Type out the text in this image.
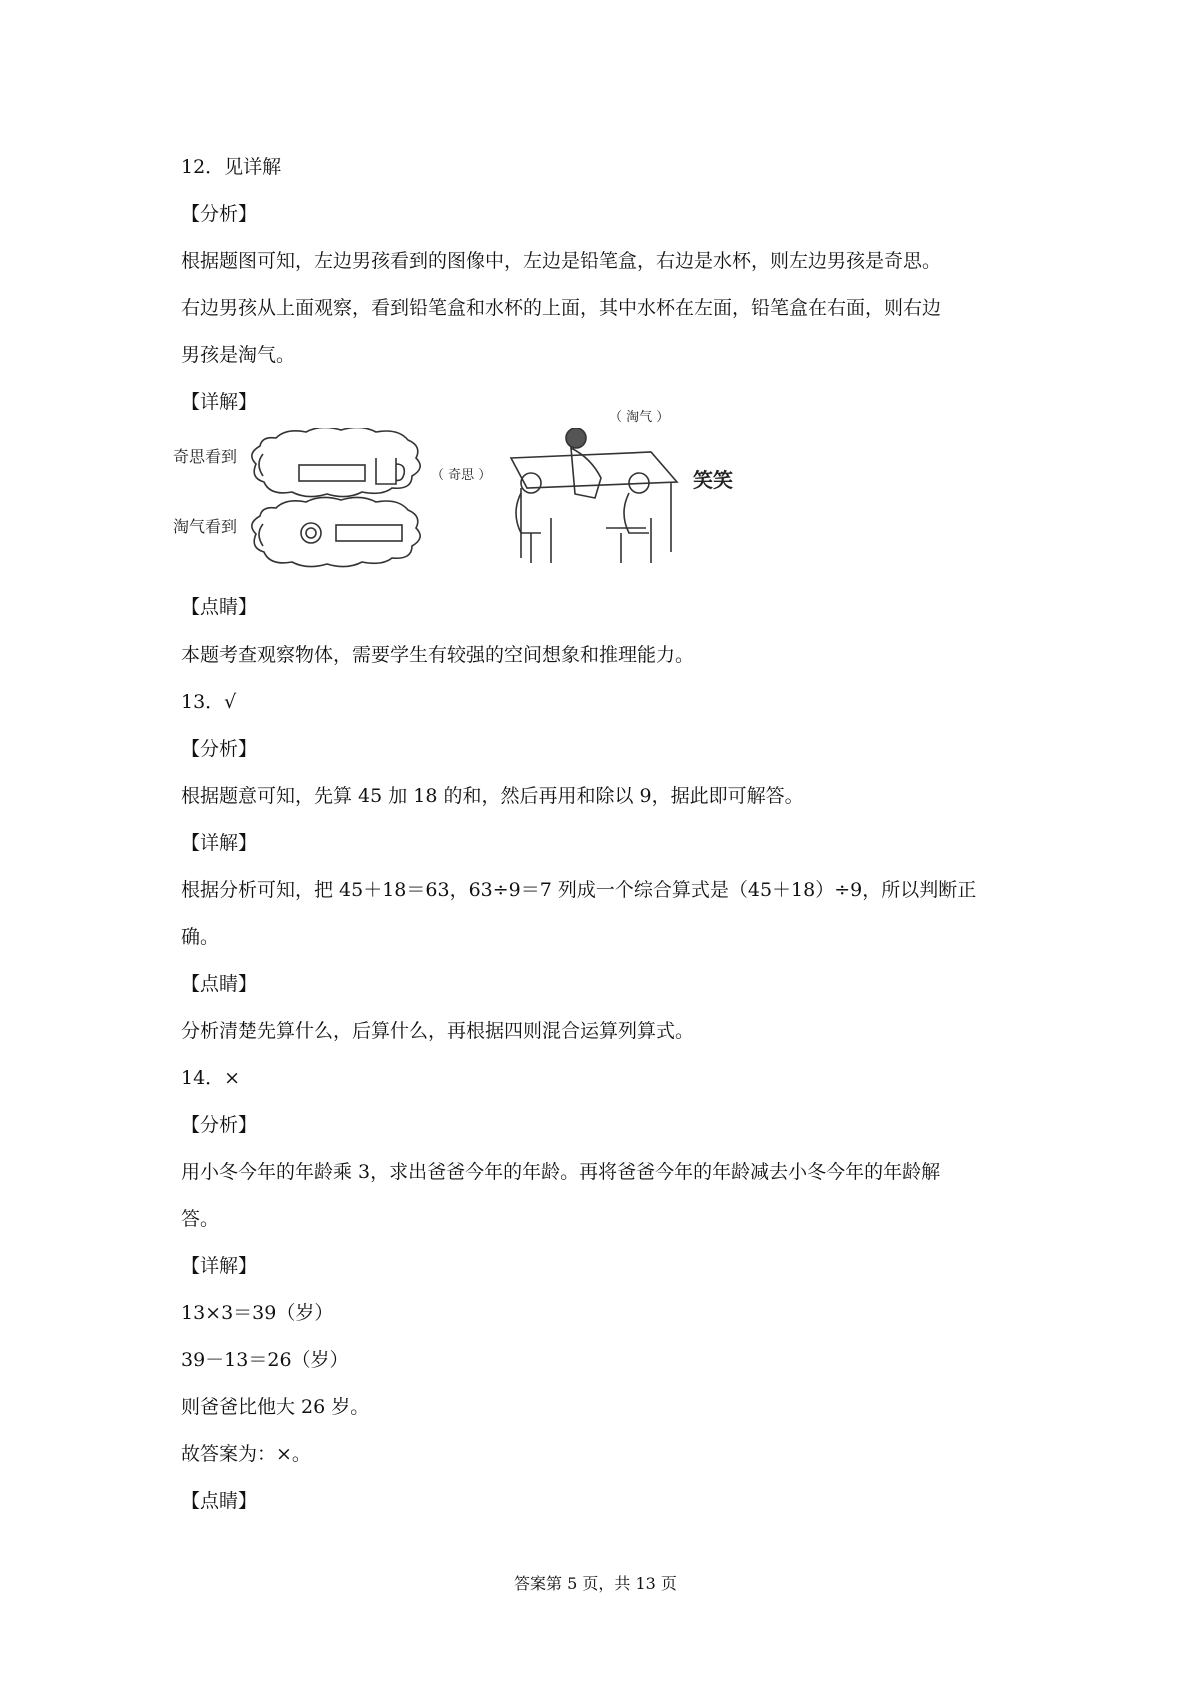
12．见详解
【分析】
根据题图可知，左边男孩看到的图像中，左边是铅笔盒，右边是水杯，则左边男孩是奇思。
右边男孩从上面观察，看到铅笔盒和水杯的上面，其中水杯在左面，铅笔盒在右面，则右边
男孩是淘气。
【详解】
奇思看到
淘气看到
（ 奇思 ）
（ 淘气 ）
笑笑
【点睛】
本题考查观察物体，需要学生有较强的空间想象和推理能力。
13．√
【分析】
根据题意可知，先算 45 加 18 的和，然后再用和除以 9，据此即可解答。
【详解】
根据分析可知，把 45＋18＝63，63÷9＝7 列成一个综合算式是（45＋18）÷9，所以判断正
确。
【点睛】
分析清楚先算什么，后算什么，再根据四则混合运算列算式。
14．×
【分析】
用小冬今年的年龄乘 3，求出爸爸今年的年龄。再将爸爸今年的年龄减去小冬今年的年龄解
答。
【详解】
13×3＝39（岁）
39－13＝26（岁）
则爸爸比他大 26 岁。
故答案为：×。
【点睛】
答案第 5 页，共 13 页
